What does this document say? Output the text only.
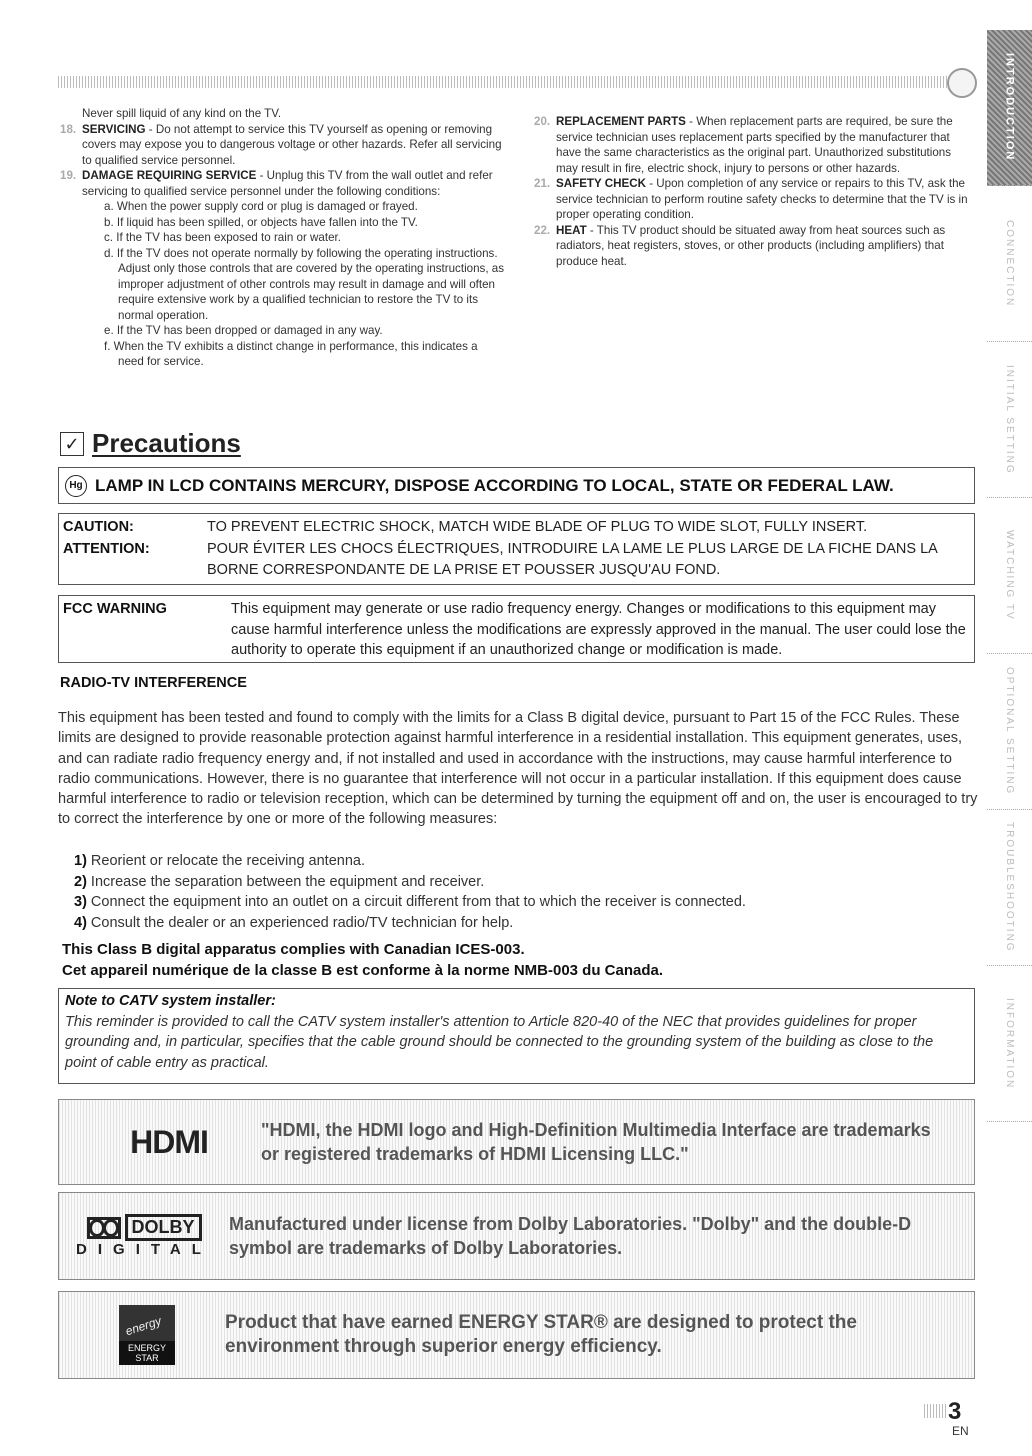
INTRODUCTION
CONNECTION
INITIAL SETTING
WATCHING TV
OPTIONAL SETTING
TROUBLESHOOTING
INFORMATION

Never spill liquid of any kind on the TV.

18. SERVICING - Do not attempt to service this TV yourself as opening or removing covers may expose you to dangerous voltage or other hazards. Refer all servicing to qualified service personnel.

19. DAMAGE REQUIRING SERVICE - Unplug this TV from the wall outlet and refer servicing to qualified service personnel under the following conditions:

a. When the power supply cord or plug is damaged or frayed.

b. If liquid has been spilled, or objects have fallen into the TV.

c. If the TV has been exposed to rain or water.

d. If the TV does not operate normally by following the operating instructions. Adjust only those controls that are covered by the operating instructions, as improper adjustment of other controls may result in damage and will often require extensive work by a qualified technician to restore the TV to its normal operation.

e. If the TV has been dropped or damaged in any way.

f. When the TV exhibits a distinct change in performance, this indicates a need for service.

20. REPLACEMENT PARTS - When replacement parts are required, be sure the service technician uses replacement parts specified by the manufacturer that have the same characteristics as the original part. Unauthorized substitutions may result in fire, electric shock, injury to persons or other hazards.

21. SAFETY CHECK - Upon completion of any service or repairs to this TV, ask the service technician to perform routine safety checks to determine that the TV is in proper operating condition.

22. HEAT - This TV product should be situated away from heat sources such as radiators, heat registers, stoves, or other products (including amplifiers) that produce heat.

✓ Precautions
Hg LAMP IN LCD CONTAINS MERCURY, DISPOSE ACCORDING TO LOCAL, STATE OR FEDERAL LAW.
CAUTION:	TO PREVENT ELECTRIC SHOCK, MATCH WIDE BLADE OF PLUG TO WIDE SLOT, FULLY INSERT.
ATTENTION:	POUR ÉVITER LES CHOCS ÉLECTRIQUES, INTRODUIRE LA LAME LE PLUS LARGE DE LA FICHE DANS LA BORNE CORRESPONDANTE DE LA PRISE ET POUSSER JUSQU'AU FOND.
FCC WARNING	This equipment may generate or use radio frequency energy. Changes or modifications to this equipment may cause harmful interference unless the modifications are expressly approved in the manual. The user could lose the authority to operate this equipment if an unauthorized change or modification is made.
RADIO-TV INTERFERENCE

This equipment has been tested and found to comply with the limits for a Class B digital device, pursuant to Part 15 of the FCC Rules. These limits are designed to provide reasonable protection against harmful interference in a residential installation. This equipment generates, uses, and can radiate radio frequency energy and, if not installed and used in accordance with the instructions, may cause harmful interference to radio communications. However, there is no guarantee that interference will not occur in a particular installation. If this equipment does cause harmful interference to radio or television reception, which can be determined by turning the equipment off and on, the user is encouraged to try to correct the interference by one or more of the following measures:

1) Reorient or relocate the receiving antenna.
2) Increase the separation between the equipment and receiver.
3) Connect the equipment into an outlet on a circuit different from that to which the receiver is connected.
4) Consult the dealer or an experienced radio/TV technician for help.
This Class B digital apparatus complies with Canadian ICES-003.
Cet appareil numérique de la classe B est conforme à la norme NMB-003 du Canada.
Note to CATV system installer:
This reminder is provided to call the CATV system installer's attention to Article 820-40 of the NEC that provides guidelines for proper grounding and, in particular, specifies that the cable ground should be connected to the grounding system of the building as close to the point of cable entry as practical.
HDMI	"HDMI, the HDMI logo and High-Definition Multimedia Interface are trademarks or registered trademarks of HDMI Licensing LLC."
DOLBY
DIGITAL
Manufactured under license from Dolby Laboratories. "Dolby" and the double-D symbol are trademarks of Dolby Laboratories.
energy ENERGY STAR
Product that have earned ENERGY STAR® are designed to protect the environment through superior energy efficiency.
3
EN
